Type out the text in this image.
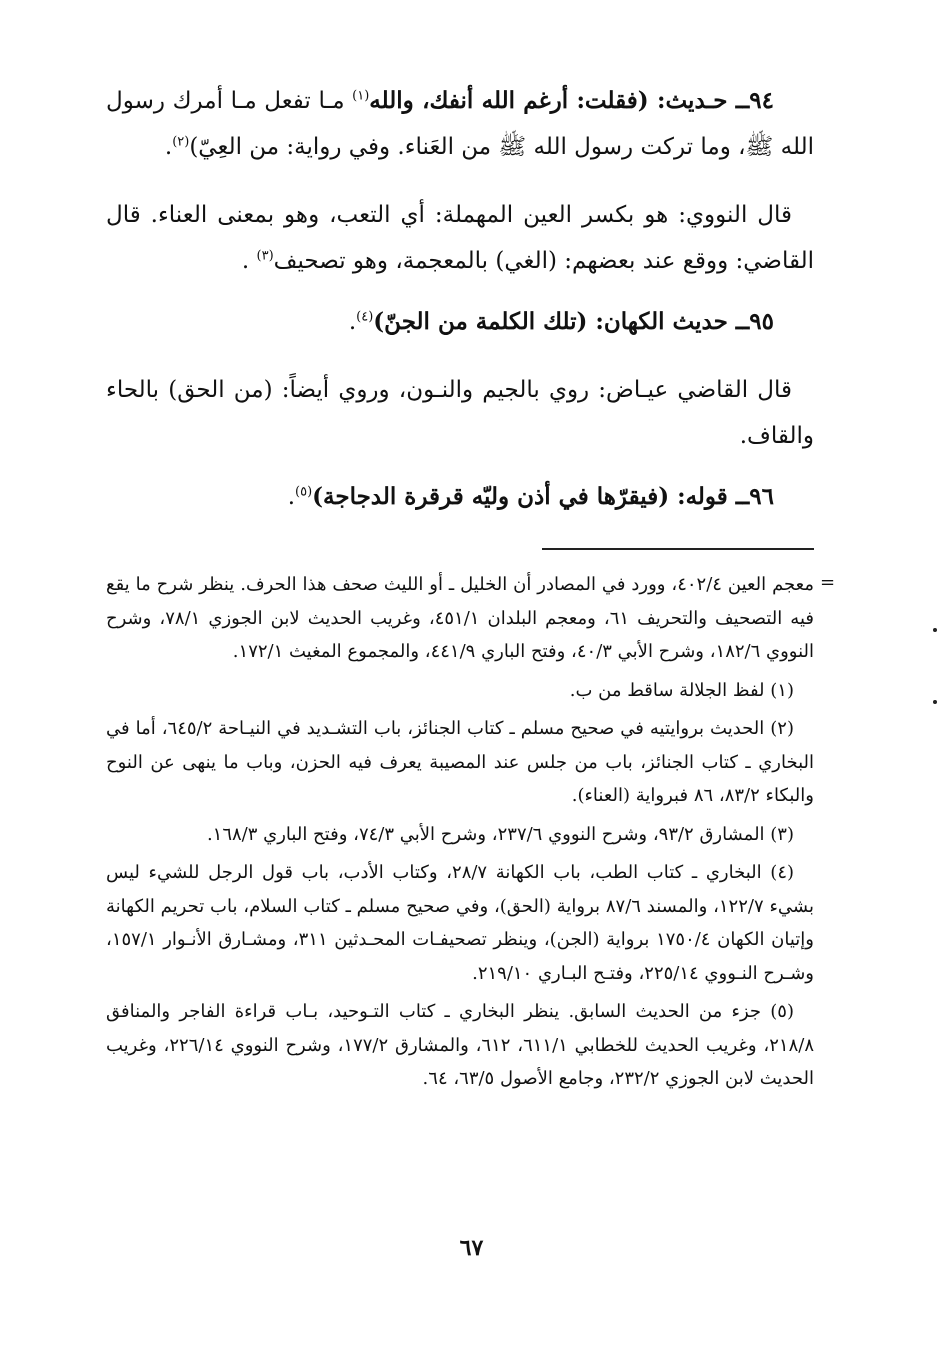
٩٤ــ حـديث: (فقلت: أرغم الله أنفك، والله$^{(١)}$ مـا تفعل مـا أمرك رسول الله ﷺ، وما تركت رسول الله ﷺ من العَناء. وفي رواية: من العِيّ)$^{(٢)}$.

قال النووي: هو بكسر العين المهملة: أي التعب، وهو بمعنى العناء. قال القاضي: ووقع عند بعضهم: (الغي) بالمعجمة، وهو تصحيف$^{(٣)}$ .

٩٥ــ حديث الكهان: (تلك الكلمة من الجنّ)$^{(٤)}$.

قال القاضي عيـاض: روي بالجيم والنـون، وروي أيضاً: (من الحق) بالحاء والقاف.

٩٦ــ قوله: (فيقرّها في أذن وليّه قرقرة الدجاجة)$^{(٥)}$.

=

معجم العين ٤٠٢/٤، وورد في المصادر أن الخليل ـ أو الليث صحف هذا الحرف. ينظر شرح ما يقع فيه التصحيف والتحريف ٦١، ومعجم البلدان ٤٥١/١، وغريب الحديث لابن الجوزي ٧٨/١، وشرح النووي ١٨٢/٦، وشرح الأبي ٤٠/٣، وفتح الباري ٤٤١/٩، والمجموع المغيث ١٧٢/١.

(١) لفظ الجلالة ساقط من ب.

(٢) الحديث بروايتيه في صحيح مسلم ـ كتاب الجنائز، باب التشـديد في النيـاحة ٦٤٥/٢، أما في البخاري ـ كتاب الجنائز، باب من جلس عند المصيبة يعرف فيه الحزن، وباب ما ينهى عن النوح والبكاء ٨٣/٢، ٨٦ فبرواية (العناء).

(٣) المشارق ٩٣/٢، وشرح النووي ٢٣٧/٦، وشرح الأبي ٧٤/٣، وفتح الباري ١٦٨/٣.

(٤) البخاري ـ كتاب الطب، باب الكهانة ٢٨/٧، وكتاب الأدب، باب قول الرجل للشيء ليس بشيء ١٢٢/٧، والمسند ٨٧/٦ برواية (الحق)، وفي صحيح مسلم ـ كتاب السلام، باب تحريم الكهانة وإتيان الكهان ١٧٥٠/٤ برواية (الجن)، وينظر تصحيفـات المحـدثين ٣١١، ومشـارق الأنـوار ١٥٧/١، وشـرح النـووي ٢٢٥/١٤، وفتـح البـاري ٢١٩/١٠.

(٥) جزء من الحديث السابق. ينظر البخاري ـ كتاب التـوحيد، بـاب قراءة الفاجر والمنافق ٢١٨/٨، وغريب الحديث للخطابي ٦١١/١، ٦١٢، والمشارق ١٧٧/٢، وشرح النووي ٢٢٦/١٤، وغريب الحديث لابن الجوزي ٢٣٢/٢، وجامع الأصول ٦٣/٥، ٦٤.

٦٧
